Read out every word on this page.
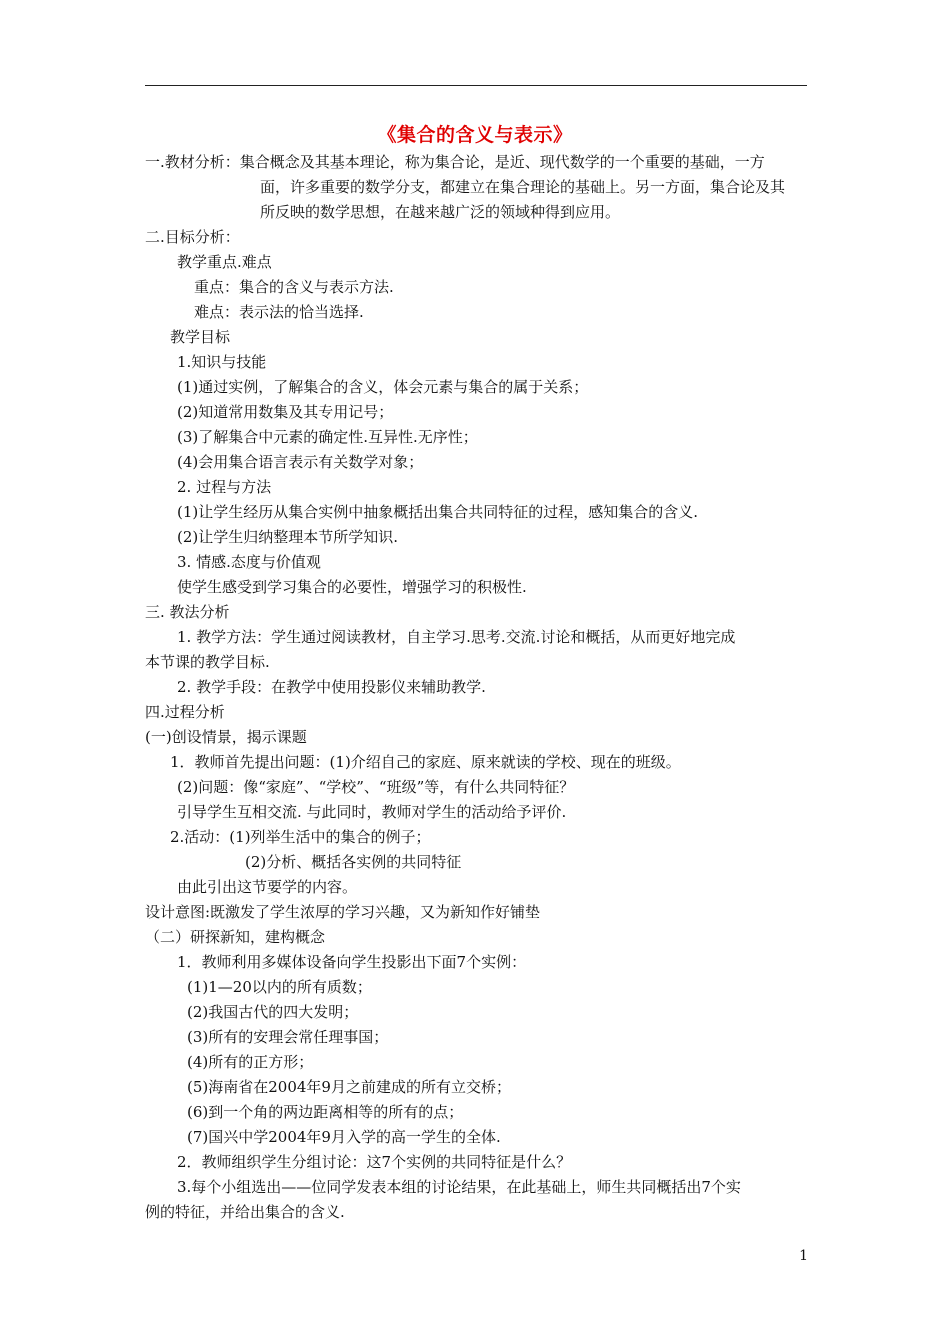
《集合的含义与表示》
一.教材分析：集合概念及其基本理论，称为集合论，是近、现代数学的一个重要的基础，一方
面，许多重要的数学分支，都建立在集合理论的基础上。另一方面，集合论及其
所反映的数学思想，在越来越广泛的领域种得到应用。
二.目标分析：
教学重点.难点
重点：集合的含义与表示方法.
难点：表示法的恰当选择.
教学目标
1.知识与技能
(1)通过实例，了解集合的含义，体会元素与集合的属于关系；
(2)知道常用数集及其专用记号；
(3)了解集合中元素的确定性.互异性.无序性；
(4)会用集合语言表示有关数学对象；
2. 过程与方法
(1)让学生经历从集合实例中抽象概括出集合共同特征的过程，感知集合的含义.
(2)让学生归纳整理本节所学知识.
3. 情感.态度与价值观
使学生感受到学习集合的必要性，增强学习的积极性.
三. 教法分析
1. 教学方法：学生通过阅读教材，自主学习.思考.交流.讨论和概括，从而更好地完成
本节课的教学目标.
2. 教学手段：在教学中使用投影仪来辅助教学.
四.过程分析
(一)创设情景，揭示课题
1．教师首先提出问题：(1)介绍自己的家庭、原来就读的学校、现在的班级。
(2)问题：像“家庭”、“学校”、“班级”等，有什么共同特征？
引导学生互相交流. 与此同时，教师对学生的活动给予评价.
2.活动：(1)列举生活中的集合的例子；
(2)分析、概括各实例的共同特征
由此引出这节要学的内容。
设计意图:既激发了学生浓厚的学习兴趣，又为新知作好铺垫
（二）研探新知，建构概念
1．教师利用多媒体设备向学生投影出下面7个实例：
(1)1—20以内的所有质数；
(2)我国古代的四大发明；
(3)所有的安理会常任理事国；
(4)所有的正方形；
(5)海南省在2004年9月之前建成的所有立交桥；
(6)到一个角的两边距离相等的所有的点；
(7)国兴中学2004年9月入学的高一学生的全体.
2．教师组织学生分组讨论：这7个实例的共同特征是什么？
3.每个小组选出——位同学发表本组的讨论结果，在此基础上，师生共同概括出7个实
例的特征，并给出集合的含义.
1
